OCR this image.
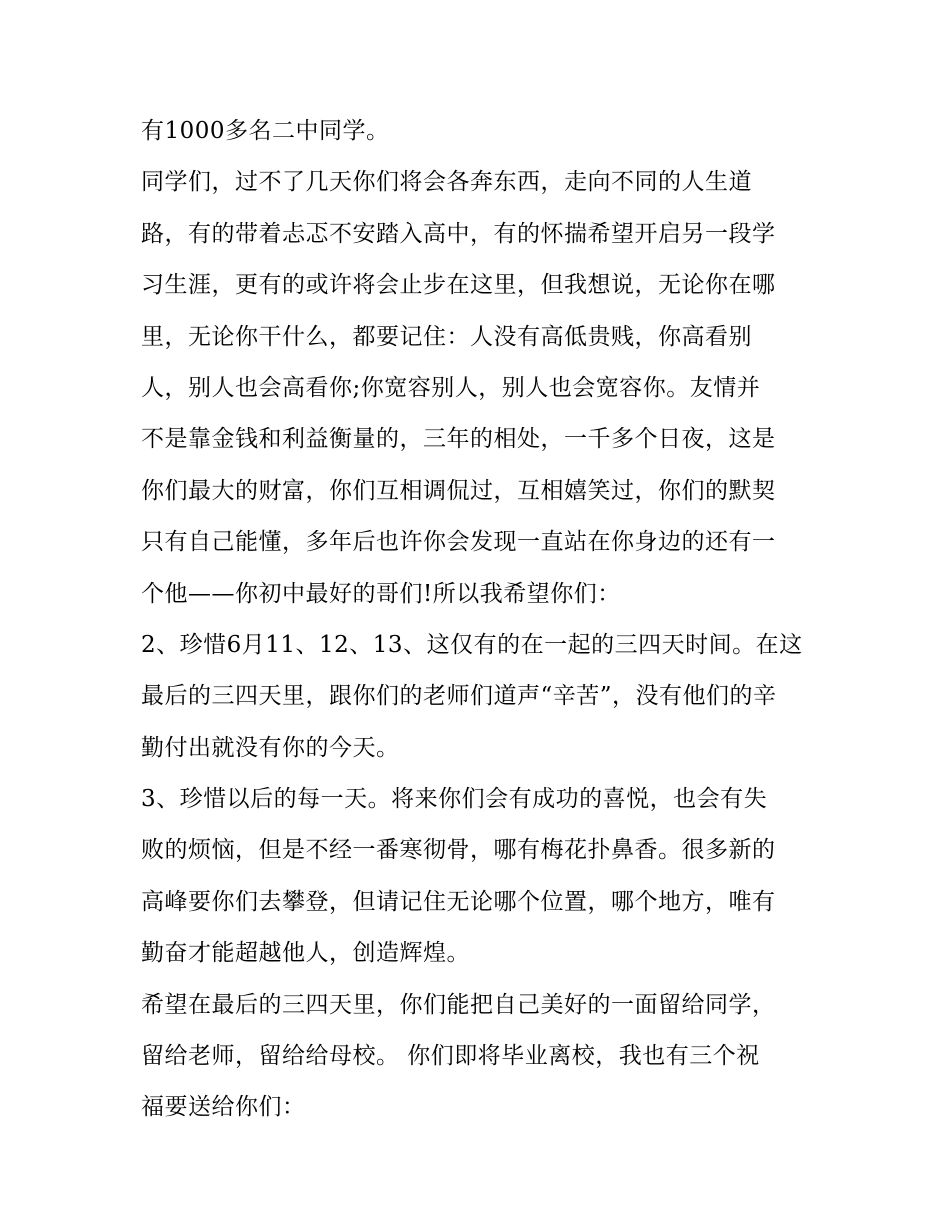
有1000多名二中同学。

同学们，过不了几天你们将会各奔东西，走向不同的人生道

路，有的带着忐忑不安踏入高中，有的怀揣希望开启另一段学

习生涯，更有的或许将会止步在这里，但我想说，无论你在哪

里，无论你干什么，都要记住：人没有高低贵贱，你高看别

人，别人也会高看你;你宽容别人，别人也会宽容你。友情并

不是靠金钱和利益衡量的，三年的相处，一千多个日夜，这是

你们最大的财富，你们互相调侃过，互相嬉笑过，你们的默契

只有自己能懂，多年后也许你会发现一直站在你身边的还有一

个他——你初中最好的哥们!所以我希望你们：

2、珍惜6月11、12、13、这仅有的在一起的三四天时间。在这

最后的三四天里，跟你们的老师们道声“辛苦”，没有他们的辛

勤付出就没有你的今天。

3、珍惜以后的每一天。将来你们会有成功的喜悦，也会有失

败的烦恼，但是不经一番寒彻骨，哪有梅花扑鼻香。很多新的

高峰要你们去攀登，但请记住无论哪个位置，哪个地方，唯有

勤奋才能超越他人，创造辉煌。

希望在最后的三四天里，你们能把自己美好的一面留给同学，

留给老师，留给给母校。 你们即将毕业离校，我也有三个祝

福要送给你们：
